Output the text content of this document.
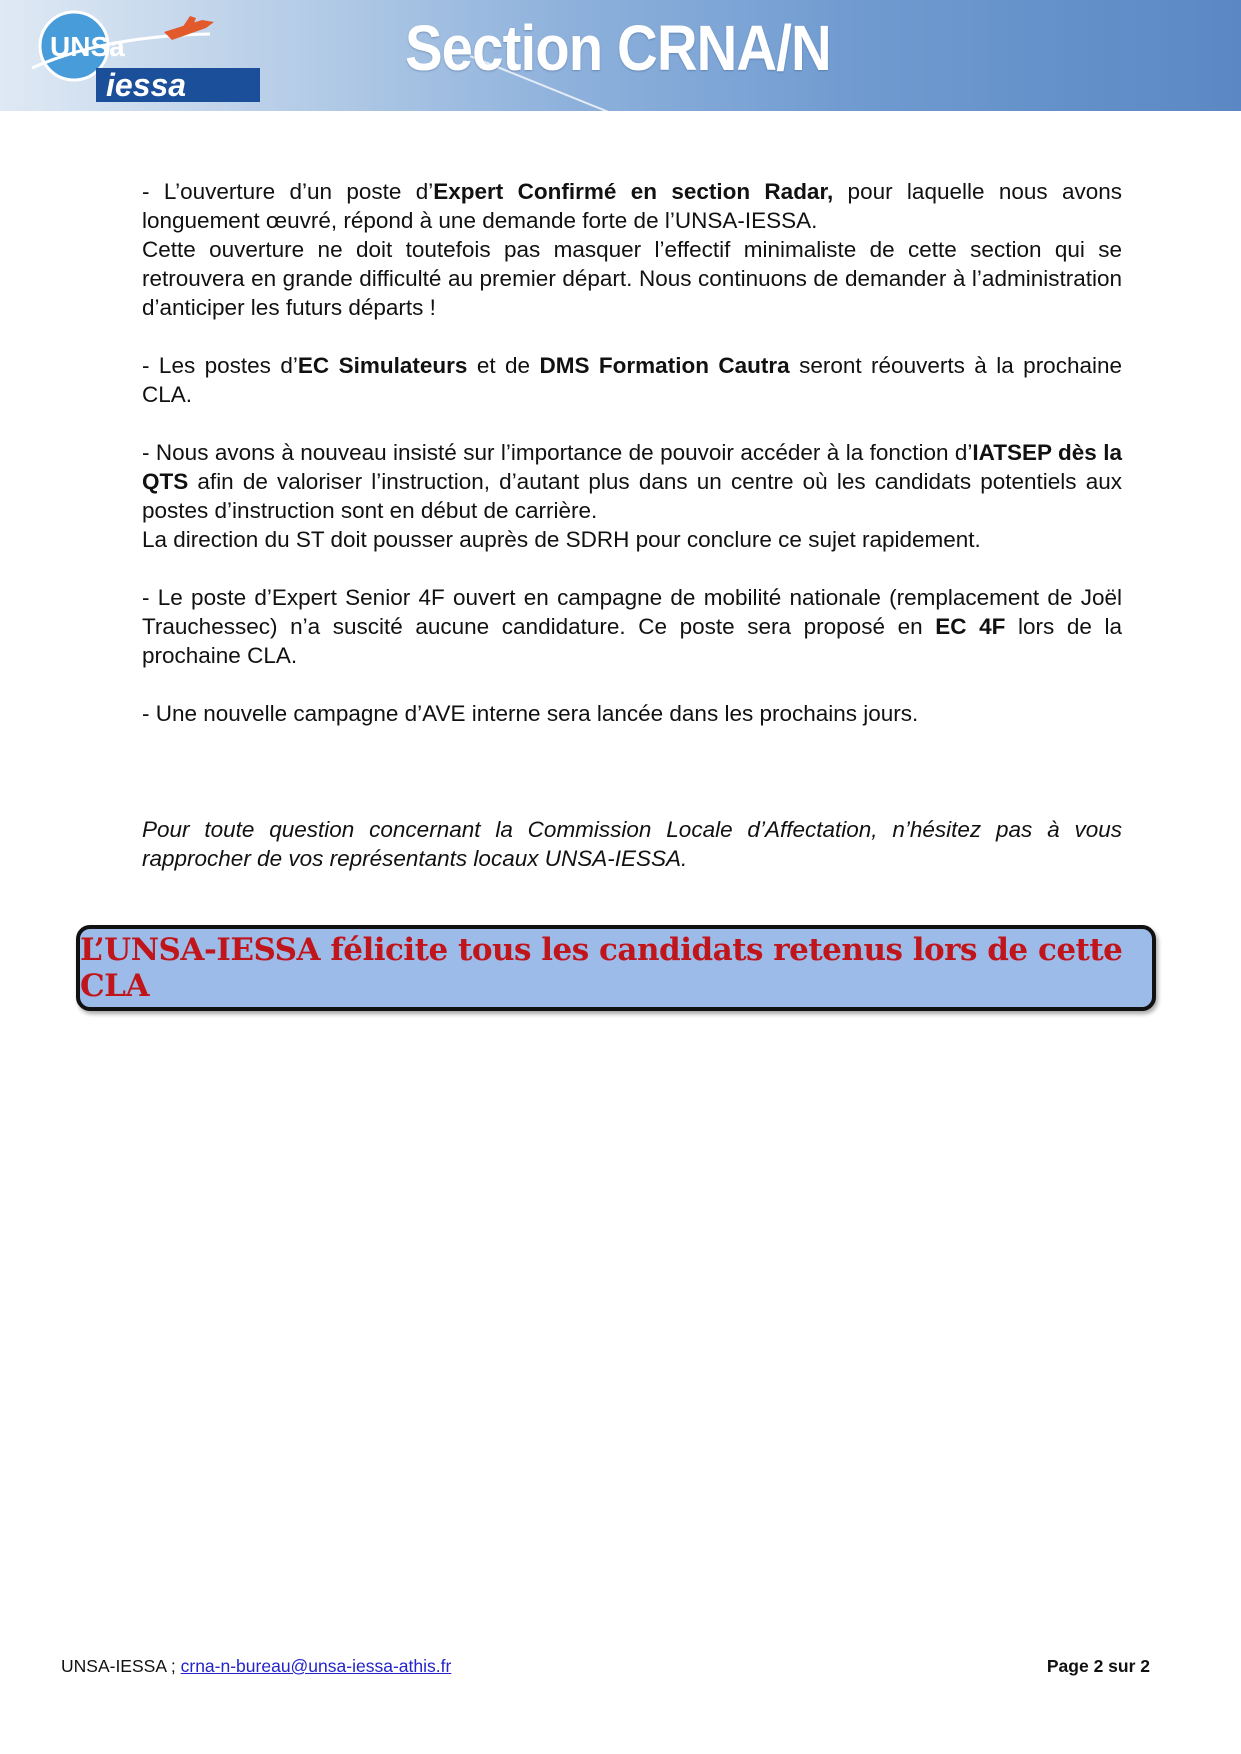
UNSa
iessa
Section CRNA/N

- L’ouverture d’un poste d’Expert Confirmé en section Radar, pour laquelle nous avons longuement œuvré, répond à une demande forte de l’UNSA-IESSA.

Cette ouverture ne doit toutefois pas masquer l’effectif minimaliste de cette section qui se retrouvera en grande difficulté au premier départ. Nous continuons de demander à l’administration d’anticiper les futurs départs !

- Les postes d’EC Simulateurs et de DMS Formation Cautra seront réouverts à la prochaine CLA.

- Nous avons à nouveau insisté sur l’importance de pouvoir accéder à la fonction d’IATSEP dès la QTS afin de valoriser l’instruction, d’autant plus dans un centre où les candidats potentiels aux postes d’instruction sont en début de carrière.

La direction du ST doit pousser auprès de SDRH pour conclure ce sujet rapidement.

- Le poste d’Expert Senior 4F ouvert en campagne de mobilité nationale (remplacement de Joël Trauchessec) n’a suscité aucune candidature. Ce poste sera proposé en EC 4F lors de la prochaine CLA.

- Une nouvelle campagne d’AVE interne sera lancée dans les prochains jours.

Pour toute question concernant la Commission Locale d’Affectation, n’hésitez pas à vous rapprocher de vos représentants locaux UNSA-IESSA.

L’UNSA-IESSA félicite tous les candidats retenus lors de cette CLA
UNSA-IESSA ; crna-n-bureau@unsa-iessa-athis.fr	Page 2 sur 2
